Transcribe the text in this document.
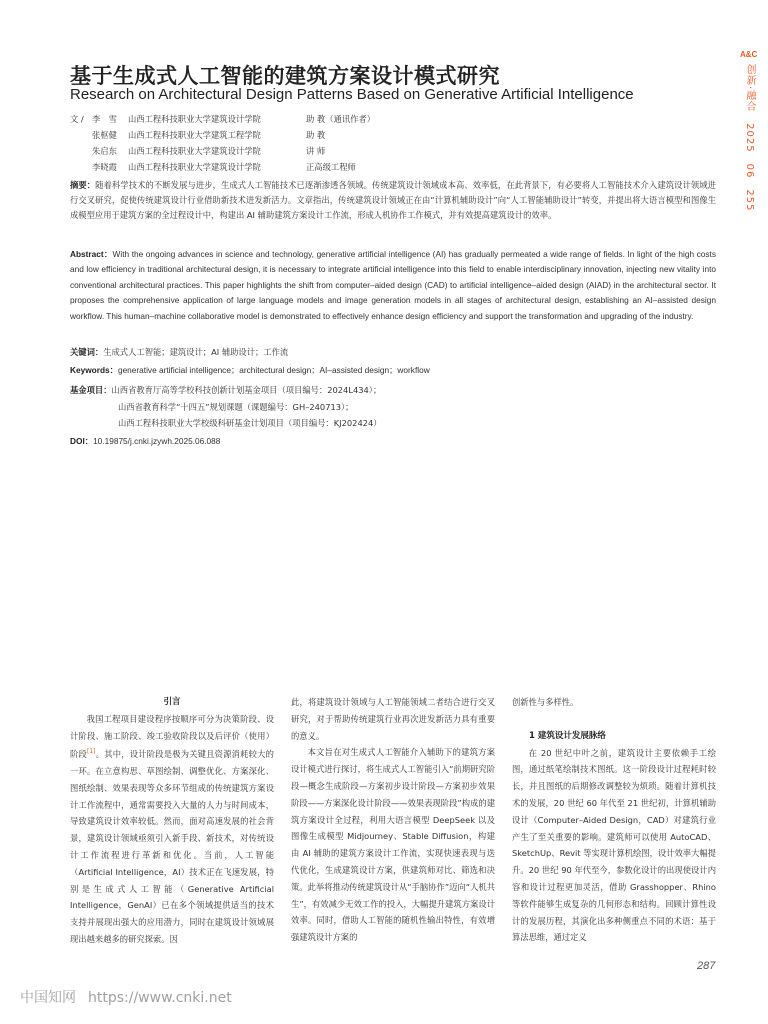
基于生成式人工智能的建筑方案设计模式研究
Research on Architectural Design Patterns Based on Generative Artificial Intelligence
文 / 李　雪	山西工程科技职业大学建筑设计学院	助 教（通讯作者）
张枢健	山西工程科技职业大学建筑工程学院	助 教
朱启东	山西工程科技职业大学建筑设计学院	讲 师
李晓霞	山西工程科技职业大学建筑设计学院	正高级工程师

摘要：随着科学技术的不断发展与进步，生成式人工智能技术已逐渐渗透各领域。传统建筑设计领域成本高、效率低，在此背景下，有必要将人工智能技术介入建筑设计领域进行交叉研究，促使传统建筑设计行业借助新技术进发新活力。文章指出，传统建筑设计领域正在由“计算机辅助设计”向“人工智能辅助设计”转变，并提出将大语言模型和图像生成模型应用于建筑方案的全过程设计中，构建出 AI 辅助建筑方案设计工作流，形成人机协作工作模式，并有效提高建筑设计的效率。

Abstract：With the ongoing advances in science and technology, generative artificial intelligence (AI) has gradually permeated a wide range of fields. In light of the high costs and low efficiency in traditional architectural design, it is necessary to integrate artificial intelligence into this field to enable interdisciplinary innovation, injecting new vitality into conventional architectural practices. This paper highlights the shift from computer–aided design (CAD) to artificial intelligence–aided design (AIAD) in the architectural sector. It proposes the comprehensive application of large language models and image generation models in all stages of architectural design, establishing an AI–assisted design workflow. This human–machine collaborative model is demonstrated to effectively enhance design efficiency and support the transformation and upgrading of the industry.

关键词：生成式人工智能；建筑设计；AI 辅助设计；工作流

Keywords：generative artificial intelligence；architectural design；AI–assisted design；workflow

基金项目：山西省教育厅高等学校科技创新计划基金项目（项目编号：2024L434）；
山西省教育科学“十四五”规划课题（课题编号：GH–240713）；
山西工程科技职业大学校级科研基金计划项目（项目编号：KJ202424）

DOI：10.19875/j.cnki.jzywh.2025.06.088

引言

我国工程项目建设程序按顺序可分为决策阶段、设计阶段、施工阶段、竣工验收阶段以及后评价（使用）阶段[1]。其中，设计阶段是极为关键且资源消耗较大的一环。在立意构思、草图绘制、调整优化、方案深化、图纸绘制、效果表现等众多环节组成的传统建筑方案设计工作流程中，通常需要投入大量的人力与时间成本，导致建筑设计效率较低。然而，面对高速发展的社会背景，建筑设计领域亟须引入新手段、新技术，对传统设计工作流程进行革新和优化。当前，人工智能（Artificial Intelligence，AI）技术正在飞速发展，特别是生成式人工智能（Generative Artificial Intelligence，GenAI）已在多个领域提供适当的技术支持并展现出强大的应用潜力，同时在建筑设计领域展现出越来越多的研究探索。因

此，将建筑设计领域与人工智能领域二者结合进行交叉研究，对于帮助传统建筑行业再次进发新活力具有重要的意义。

本文旨在对生成式人工智能介入辅助下的建筑方案设计模式进行探讨，将生成式人工智能引入“前期研究阶段—概念生成阶段—方案初步设计阶段—方案初步效果阶段——方案深化设计阶段——效果表现阶段”构成的建筑方案设计全过程，利用大语言模型 DeepSeek 以及图像生成模型 Midjourney、Stable Diffusion，构建由 AI 辅助的建筑方案设计工作流，实现快速表现与迭代优化，生成建筑设计方案，供建筑师对比、筛选和决策。此举将推动传统建筑设计从“手脑协作”迈向“人机共生”，有效减少无效工作的投入，大幅提升建筑方案设计效率。同时，借助人工智能的随机性输出特性，有效增强建筑设计方案的

创新性与多样性。

1 建筑设计发展脉络

在 20 世纪中叶之前，建筑设计主要依赖手工绘图，通过纸笔绘制技术图纸。这一阶段设计过程耗时较长，并且图纸的后期修改调整较为烦琐。随着计算机技术的发展，20 世纪 60 年代至 21 世纪初，计算机辅助设计（Computer–Aided Design，CAD）对建筑行业产生了至关重要的影响。建筑师可以使用 AutoCAD、SketchUp、Revit 等实现计算机绘图，设计效率大幅提升。20 世纪 90 年代至今，参数化设计的出现使设计内容和设计过程更加灵活，借助 Grasshopper、Rhino 等软件能够生成复杂的几何形态和结构。回顾计算性设计的发展历程，其演化出多种侧重点不同的术语：基于算法思维，通过定义

A&C
创新·融合　2025　06　255
287
中国知网 https://www.cnki.net
